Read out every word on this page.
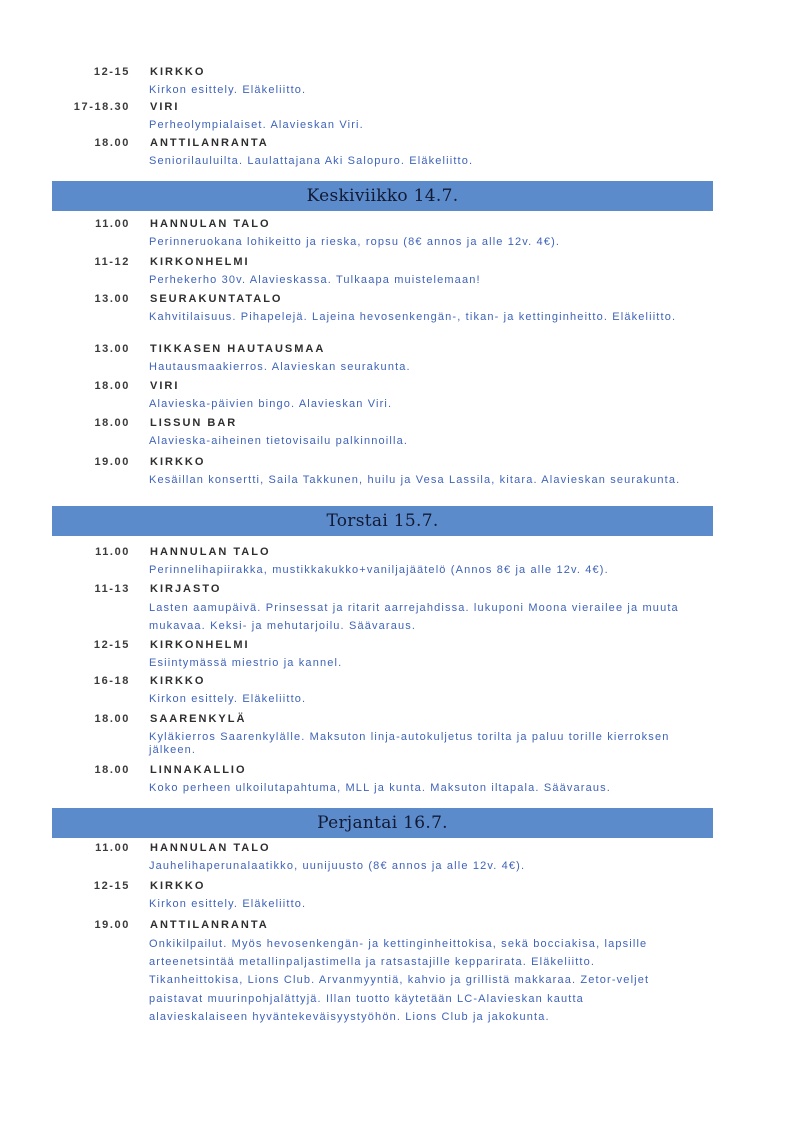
12-15 KIRKKO
Kirkon esittely. Eläkeliitto.
17-18.30 VIRI
Perheolympialaiset. Alavieskan Viri.
18.00 ANTTILANRANTA
Seniorilauluilta. Laulattajana Aki Salopuro. Eläkeliitto.
Keskiviikko 14.7.
11.00 HANNULAN TALO
Perinneruokana lohikeitto ja rieska, ropsu (8€ annos ja alle 12v. 4€).
11-12 KIRKONHELMI
Perhekerho 30v. Alavieskassa. Tulkaapa muistelemaan!
13.00 SEURAKUNTATALO
Kahvitilaisuus. Pihapelejä. Lajeina hevosenkengän-, tikan- ja kettinginheitto. Eläkeliitto.
13.00 TIKKASEN HAUTAUSMAA
Hautausmaakierros. Alavieskan seurakunta.
18.00 VIRI
Alavieska-päivien bingo. Alavieskan Viri.
18.00 LISSUN BAR
Alavieska-aiheinen tietovisailu palkinnoilla.
19.00 KIRKKO
Kesäillan konsertti, Saila Takkunen, huilu ja Vesa Lassila, kitara. Alavieskan seurakunta.
Torstai 15.7.
11.00 HANNULAN TALO
Perinnelihapiirakka, mustikkakukko+vaniljajäätelö (Annos 8€ ja alle 12v. 4€).
11-13 KIRJASTO
Lasten aamupäivä. Prinsessat ja ritarit aarrejahdissa. lukuponi Moona vierailee ja muuta mukavaa. Keksi- ja mehutarjoilu. Säävaraus.
12-15 KIRKONHELMI
Esiintymässä miestrio ja kannel.
16-18 KIRKKO
Kirkon esittely. Eläkeliitto.
18.00 SAARENKYLÄ
Kyläkierros Saarenkylälle. Maksuton linja-autokuljetus torilta ja paluu torille kierroksen jälkeen.
18.00 LINNAKALLIO
Koko perheen ulkoilutapahtuma, MLL ja kunta. Maksuton iltapala. Säävaraus.
Perjantai 16.7.
11.00 HANNULAN TALO
Jauhelihaperunalaatikko, uunijuusto (8€ annos ja alle 12v. 4€).
12-15 KIRKKO
Kirkon esittely. Eläkeliitto.
19.00 ANTTILANRANTA
Onkikilpailut. Myös hevosenkengän- ja kettinginheittokisa, sekä bocciakisa, lapsille arteenetsintää metallinpaljastimella ja ratsastajille kepparirata. Eläkeliitto. Tikanheittokisa, Lions Club. Arvanmyyntiä, kahvio ja grillistä makkaraa. Zetor-veljet paistavat muurinpohjalättyjä. Illan tuotto käytetään LC-Alavieskan kautta alavieskalaiseen hyväntekeväisyystyöhön. Lions Club ja jakokunta.
